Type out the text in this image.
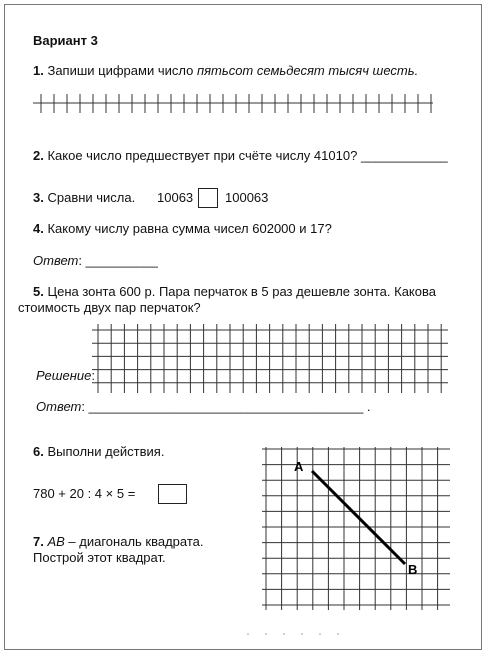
Вариант 3
1. Запиши цифрами число пятьсот семьдесят тысяч шесть.
2. Какое число предшествует при счёте числу 41010? ____________
3. Сравни числа. 10063 100063
4. Какому числу равна сумма чисел 602000 и 17?
Ответ: __________
5. Цена зонта 600 р. Пара перчаток в 5 раз дешевле зонта. Какова
стоимость двух пар перчаток?
Решение:
Ответ: ______________________________________ .
6. Выполни действия.
780 + 20 : 4 × 5 =
7. AB – диагональ квадрата.
Построй этот квадрат.
A
B
